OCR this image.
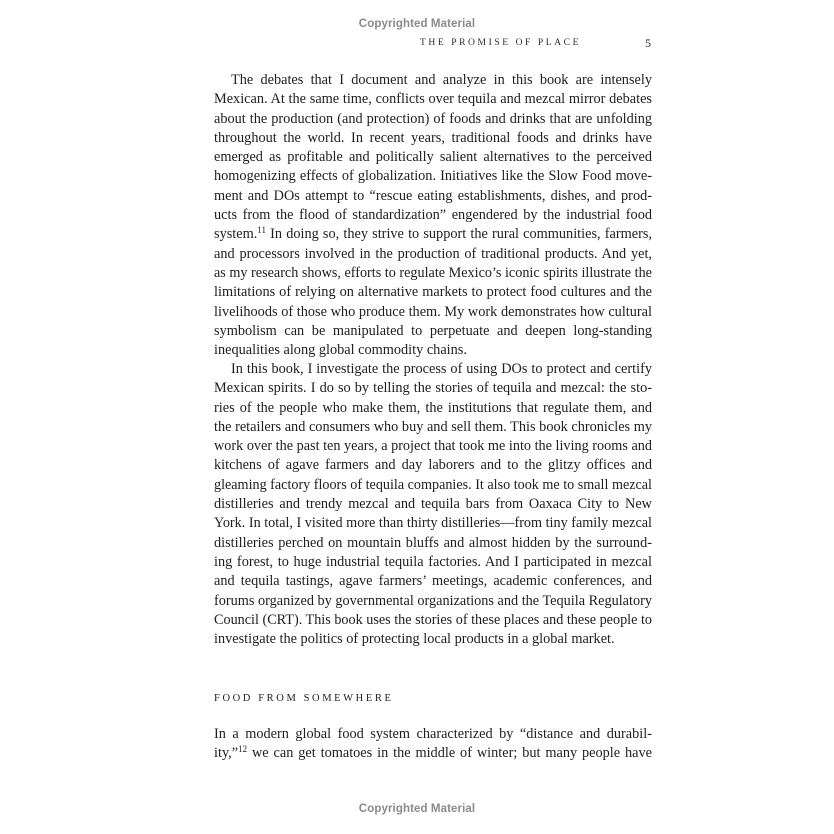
Copyrighted Material
THE PROMISE OF PLACE	5
The debates that I document and analyze in this book are intensely
Mexican. At the same time, conflicts over tequila and mezcal mirror debates
about the production (and protection) of foods and drinks that are unfolding
throughout the world. In recent years, traditional foods and drinks have
emerged as profitable and politically salient alternatives to the perceived
homogenizing effects of globalization. Initiatives like the Slow Food move-
ment and DOs attempt to “rescue eating establishments, dishes, and prod-
ucts from the flood of standardization” engendered by the industrial food
system.$^{11}$ In doing so, they strive to support the rural communities, farmers,
and processors involved in the production of traditional products. And yet,
as my research shows, efforts to regulate Mexico’s iconic spirits illustrate the
limitations of relying on alternative markets to protect food cultures and the
livelihoods of those who produce them. My work demonstrates how cultural
symbolism can be manipulated to perpetuate and deepen long-standing
inequalities along global commodity chains.
In this book, I investigate the process of using DOs to protect and certify
Mexican spirits. I do so by telling the stories of tequila and mezcal: the sto-
ries of the people who make them, the institutions that regulate them, and
the retailers and consumers who buy and sell them. This book chronicles my
work over the past ten years, a project that took me into the living rooms and
kitchens of agave farmers and day laborers and to the glitzy offices and
gleaming factory floors of tequila companies. It also took me to small mezcal
distilleries and trendy mezcal and tequila bars from Oaxaca City to New
York. In total, I visited more than thirty distilleries—from tiny family mezcal
distilleries perched on mountain bluffs and almost hidden by the surround-
ing forest, to huge industrial tequila factories. And I participated in mezcal
and tequila tastings, agave farmers’ meetings, academic conferences, and
forums organized by governmental organizations and the Tequila Regulatory
Council (CRT). This book uses the stories of these places and these people to
investigate the politics of protecting local products in a global market.
FOOD FROM SOMEWHERE
In a modern global food system characterized by “distance and durabil-
ity,”$^{12}$ we can get tomatoes in the middle of winter; but many people have
Copyrighted Material
